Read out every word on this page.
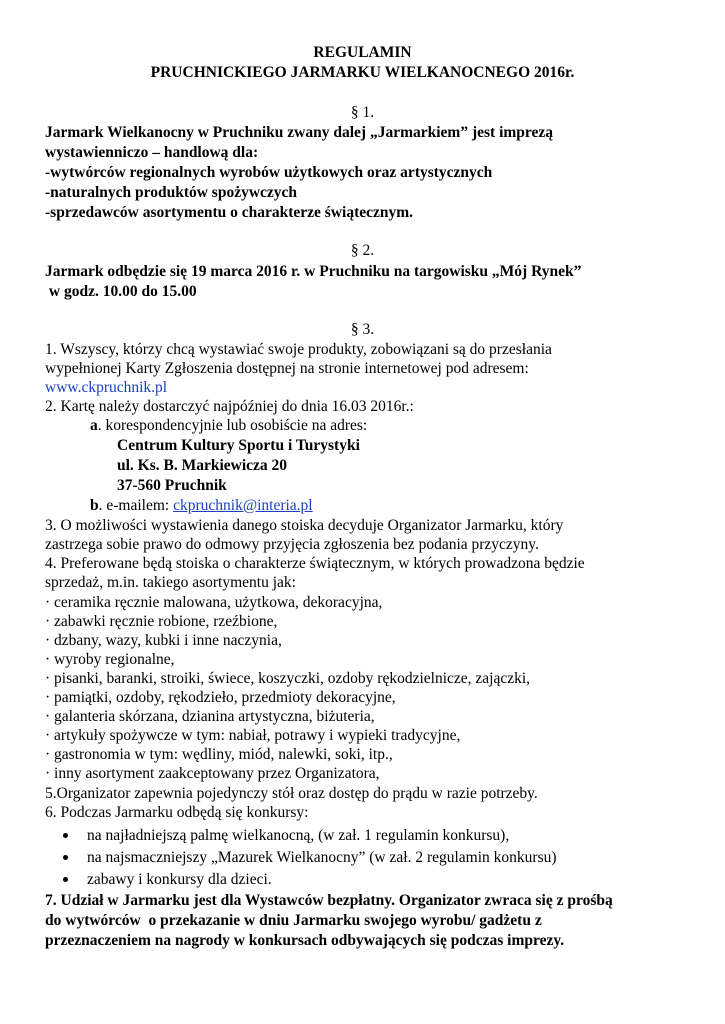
REGULAMIN
PRUCHNICKIEGO JARMARKU WIELKANOCNEGO 2016r.
§ 1.
Jarmark Wielkanocny w Pruchniku zwany dalej „Jarmarkiem” jest imprezą
wystawienniczo – handlową dla:
-wytwórców regionalnych wyrobów użytkowych oraz artystycznych
-naturalnych produktów spożywczych
-sprzedawców asortymentu o charakterze świątecznym.
§ 2.
Jarmark odbędzie się 19 marca 2016 r. w Pruchniku na targowisku „Mój Rynek”
w godz. 10.00 do 15.00
§ 3.
1. Wszyscy, którzy chcą wystawiać swoje produkty, zobowiązani są do przesłania
wypełnionej Karty Zgłoszenia dostępnej na stronie internetowej pod adresem:
www.ckpruchnik.pl
2. Kartę należy dostarczyć najpóźniej do dnia 16.03 2016r.:
a. korespondencyjnie lub osobiście na adres:
Centrum Kultury Sportu i Turystyki
ul. Ks. B. Markiewicza 20
37-560 Pruchnik
b. e-mailem: ckpruchnik@interia.pl
3. O możliwości wystawienia danego stoiska decyduje Organizator Jarmarku, który
zastrzega sobie prawo do odmowy przyjęcia zgłoszenia bez podania przyczyny.
4. Preferowane będą stoiska o charakterze świątecznym, w których prowadzona będzie
sprzedaż, m.in. takiego asortymentu jak:
· ceramika ręcznie malowana, użytkowa, dekoracyjna,
· zabawki ręcznie robione, rzeźbione,
· dzbany, wazy, kubki i inne naczynia,
· wyroby regionalne,
· pisanki, baranki, stroiki, świece, koszyczki, ozdoby rękodzielnicze, zajączki,
· pamiątki, ozdoby, rękodzieło, przedmioty dekoracyjne,
· galanteria skórzana, dzianina artystyczna, biżuteria,
· artykuły spożywcze w tym: nabiał, potrawy i wypieki tradycyjne,
· gastronomia w tym: wędliny, miód, nalewki, soki, itp.,
· inny asortyment zaakceptowany przez Organizatora,
5.Organizator zapewnia pojedynczy stół oraz dostęp do prądu w razie potrzeby.
6. Podczas Jarmarku odbędą się konkursy:
na najładniejszą palmę wielkanocną, (w zał. 1 regulamin konkursu),
na najsmaczniejszy „Mazurek Wielkanocny” (w zał. 2 regulamin konkursu)
zabawy i konkursy dla dzieci.
7. Udział w Jarmarku jest dla Wystawców bezpłatny. Organizator zwraca się z prośbą
do wytwórców  o przekazanie w dniu Jarmarku swojego wyrobu/ gadżetu z
przeznaczeniem na nagrody w konkursach odbywających się podczas imprezy.
